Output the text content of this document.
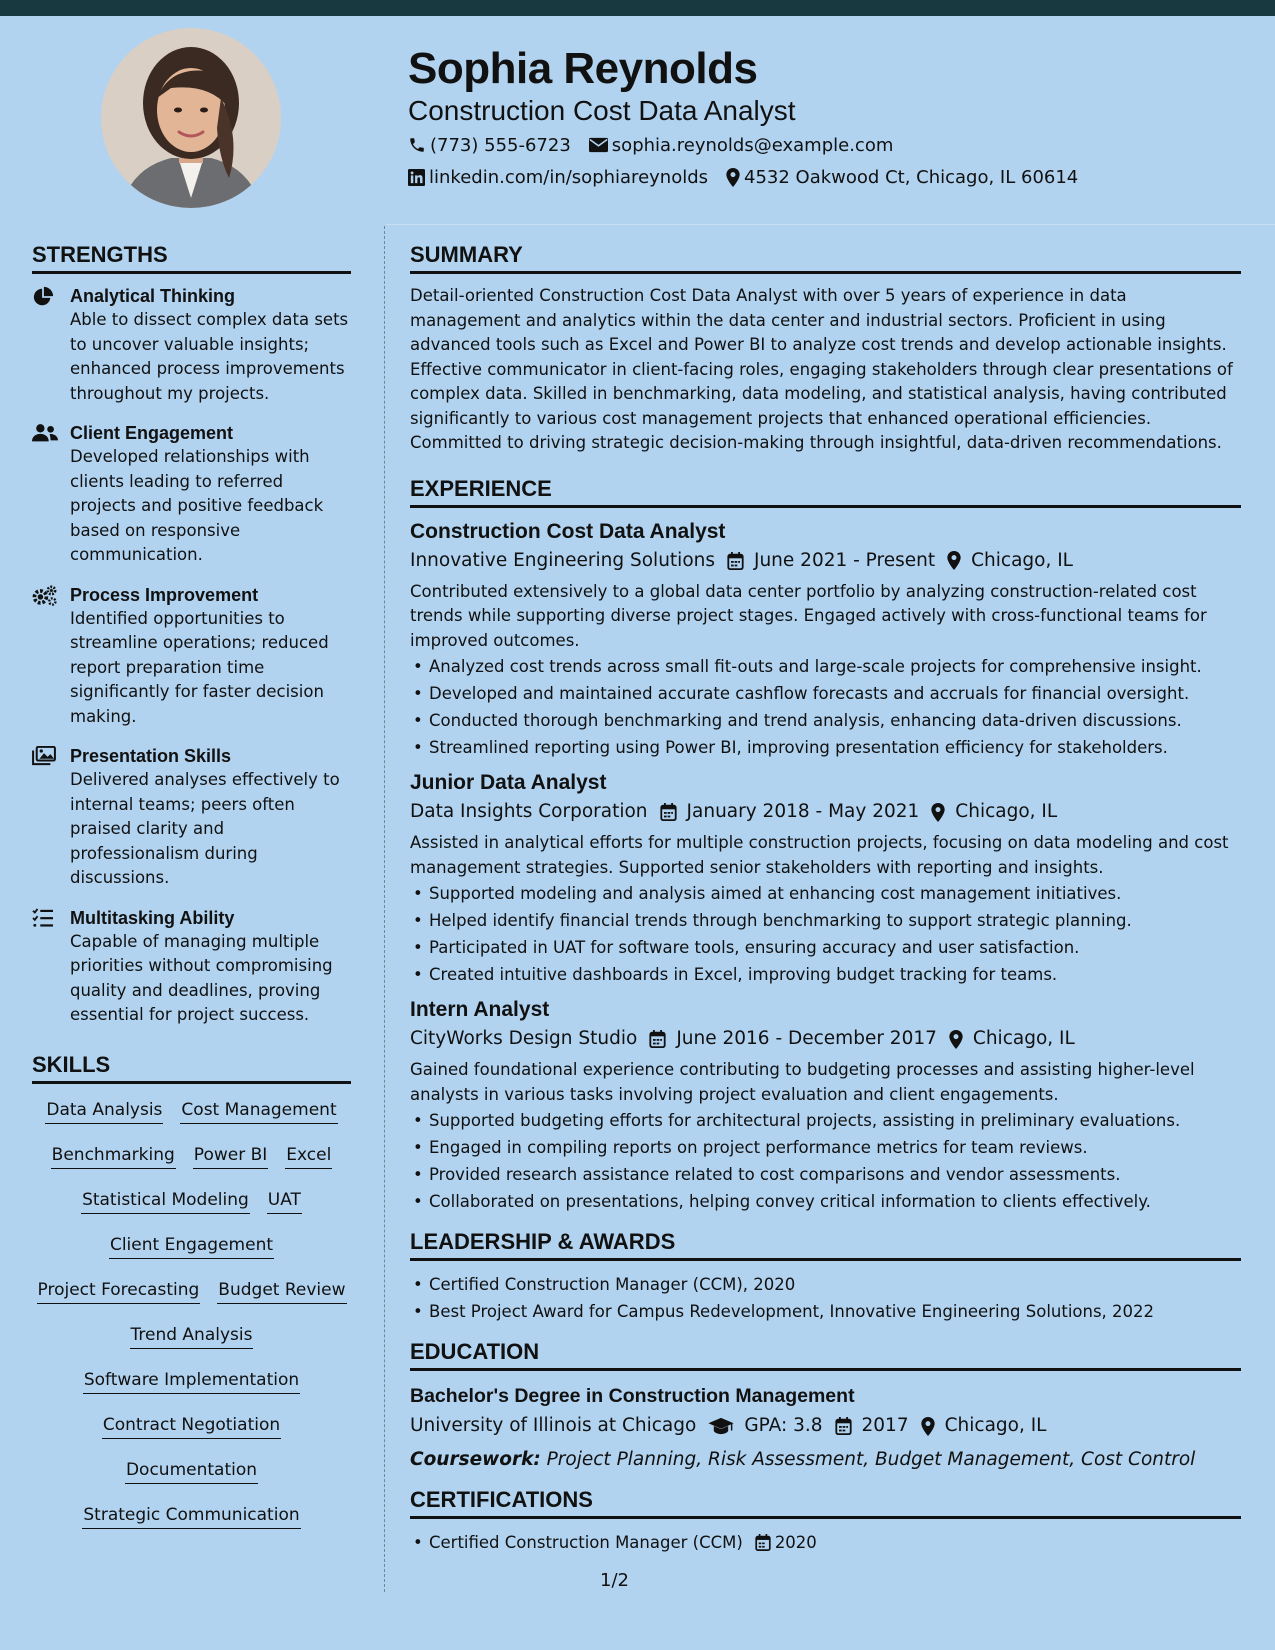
Sophia Reynolds
Construction Cost Data Analyst
(773) 555-6723 sophia.reynolds@example.com
linkedin.com/in/sophiareynolds 4532 Oakwood Ct, Chicago, IL 60614
STRENGTHS
Analytical Thinking
Able to dissect complex data sets to uncover valuable insights; enhanced process improvements throughout my projects.
Client Engagement
Developed relationships with clients leading to referred projects and positive feedback based on responsive communication.
Process Improvement
Identified opportunities to streamline operations; reduced report preparation time significantly for faster decision making.
Presentation Skills
Delivered analyses effectively to internal teams; peers often praised clarity and professionalism during discussions.
Multitasking Ability
Capable of managing multiple priorities without compromising quality and deadlines, proving essential for project success.
SKILLS
Data Analysis Cost Management
Benchmarking Power BI Excel
Statistical Modeling UAT
Client Engagement
Project Forecasting Budget Review
Trend Analysis
Software Implementation
Contract Negotiation
Documentation
Strategic Communication
SUMMARY
Detail-oriented Construction Cost Data Analyst with over 5 years of experience in data management and analytics within the data center and industrial sectors. Proficient in using advanced tools such as Excel and Power BI to analyze cost trends and develop actionable insights. Effective communicator in client-facing roles, engaging stakeholders through clear presentations of complex data. Skilled in benchmarking, data modeling, and statistical analysis, having contributed significantly to various cost management projects that enhanced operational efficiencies. Committed to driving strategic decision-making through insightful, data-driven recommendations.
EXPERIENCE
Construction Cost Data Analyst
Innovative Engineering Solutions June 2021 - Present Chicago, IL
Contributed extensively to a global data center portfolio by analyzing construction-related cost trends while supporting diverse project stages. Engaged actively with cross-functional teams for improved outcomes.
• Analyzed cost trends across small fit-outs and large-scale projects for comprehensive insight.
• Developed and maintained accurate cashflow forecasts and accruals for financial oversight.
• Conducted thorough benchmarking and trend analysis, enhancing data-driven discussions.
• Streamlined reporting using Power BI, improving presentation efficiency for stakeholders.
Junior Data Analyst
Data Insights Corporation January 2018 - May 2021 Chicago, IL
Assisted in analytical efforts for multiple construction projects, focusing on data modeling and cost management strategies. Supported senior stakeholders with reporting and insights.
• Supported modeling and analysis aimed at enhancing cost management initiatives.
• Helped identify financial trends through benchmarking to support strategic planning.
• Participated in UAT for software tools, ensuring accuracy and user satisfaction.
• Created intuitive dashboards in Excel, improving budget tracking for teams.
Intern Analyst
CityWorks Design Studio June 2016 - December 2017 Chicago, IL
Gained foundational experience contributing to budgeting processes and assisting higher-level analysts in various tasks involving project evaluation and client engagements.
• Supported budgeting efforts for architectural projects, assisting in preliminary evaluations.
• Engaged in compiling reports on project performance metrics for team reviews.
• Provided research assistance related to cost comparisons and vendor assessments.
• Collaborated on presentations, helping convey critical information to clients effectively.
LEADERSHIP & AWARDS
• Certified Construction Manager (CCM), 2020
• Best Project Award for Campus Redevelopment, Innovative Engineering Solutions, 2022
EDUCATION
Bachelor's Degree in Construction Management
University of Illinois at Chicago	GPA: 3.8 2017 Chicago, IL
Coursework: Project Planning, Risk Assessment, Budget Management, Cost Control
CERTIFICATIONS
• Certified Construction Manager (CCM) 2020
1/2
